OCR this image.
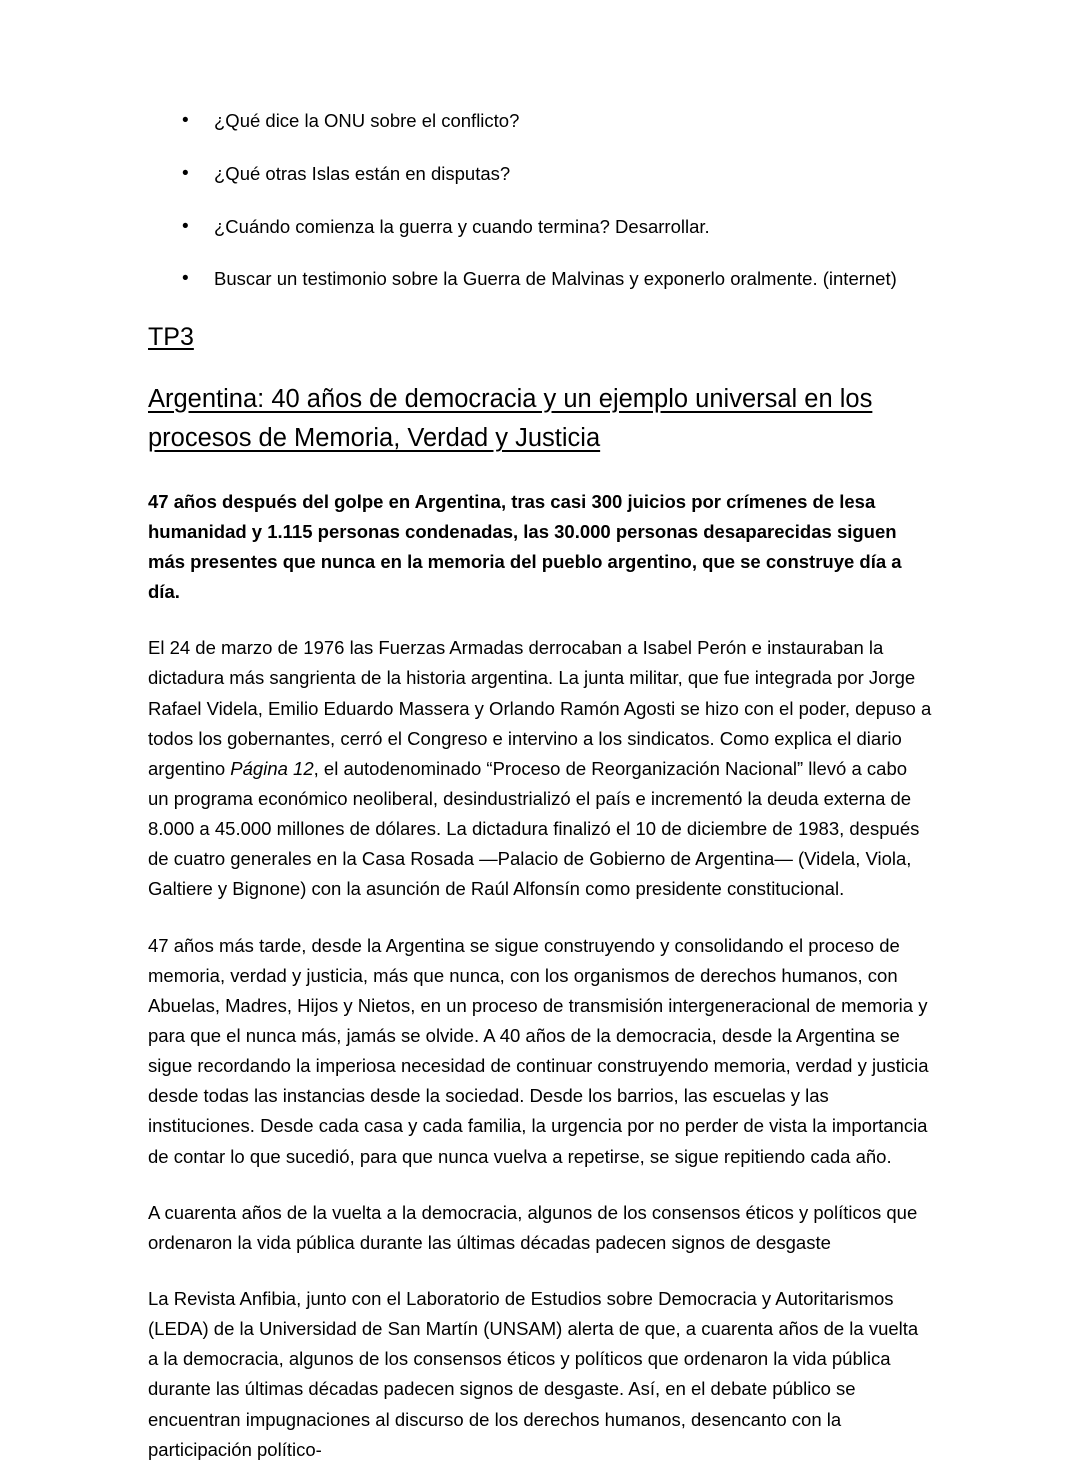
• ¿Qué dice la ONU sobre el conflicto?
• ¿Qué otras Islas están en disputas?
• ¿Cuándo comienza la guerra y cuando termina? Desarrollar.
• Buscar un testimonio sobre la Guerra de Malvinas y exponerlo oralmente. (internet)
TP3
Argentina: 40 años de democracia y un ejemplo universal en los procesos de Memoria, Verdad y Justicia

47 años después del golpe en Argentina, tras casi 300 juicios por crímenes de lesa humanidad y 1.115 personas condenadas, las 30.000 personas desaparecidas siguen más presentes que nunca en la memoria del pueblo argentino, que se construye día a día.

El 24 de marzo de 1976 las Fuerzas Armadas derrocaban a Isabel Perón e instauraban la dictadura más sangrienta de la historia argentina. La junta militar, que fue integrada por Jorge Rafael Videla, Emilio Eduardo Massera y Orlando Ramón Agosti se hizo con el poder, depuso a todos los gobernantes, cerró el Congreso e intervino a los sindicatos. Como explica el diario argentino Página 12, el autodenominado “Proceso de Reorganización Nacional” llevó a cabo un programa económico neoliberal, desindustrializó el país e incrementó la deuda externa de 8.000 a 45.000 millones de dólares. La dictadura finalizó el 10 de diciembre de 1983, después de cuatro generales en la Casa Rosada —Palacio de Gobierno de Argentina— (Videla, Viola, Galtiere y Bignone) con la asunción de Raúl Alfonsín como presidente constitucional.

47 años más tarde, desde la Argentina se sigue construyendo y consolidando el proceso de memoria, verdad y justicia, más que nunca, con los organismos de derechos humanos, con Abuelas, Madres, Hijos y Nietos, en un proceso de transmisión intergeneracional de memoria y para que el nunca más, jamás se olvide. A 40 años de la democracia, desde la Argentina se sigue recordando la imperiosa necesidad de continuar construyendo memoria, verdad y justicia desde todas las instancias desde la sociedad. Desde los barrios, las escuelas y las instituciones. Desde cada casa y cada familia, la urgencia por no perder de vista la importancia de contar lo que sucedió, para que nunca vuelva a repetirse, se sigue repitiendo cada año.

A cuarenta años de la vuelta a la democracia, algunos de los consensos éticos y políticos que ordenaron la vida pública durante las últimas décadas padecen signos de desgaste

La Revista Anfibia, junto con el Laboratorio de Estudios sobre Democracia y Autoritarismos (LEDA) de la Universidad de San Martín (UNSAM) alerta de que, a cuarenta años de la vuelta a la democracia, algunos de los consensos éticos y políticos que ordenaron la vida pública durante las últimas décadas padecen signos de desgaste. Así, en el debate público se encuentran impugnaciones al discurso de los derechos humanos, desencanto con la participación político-
